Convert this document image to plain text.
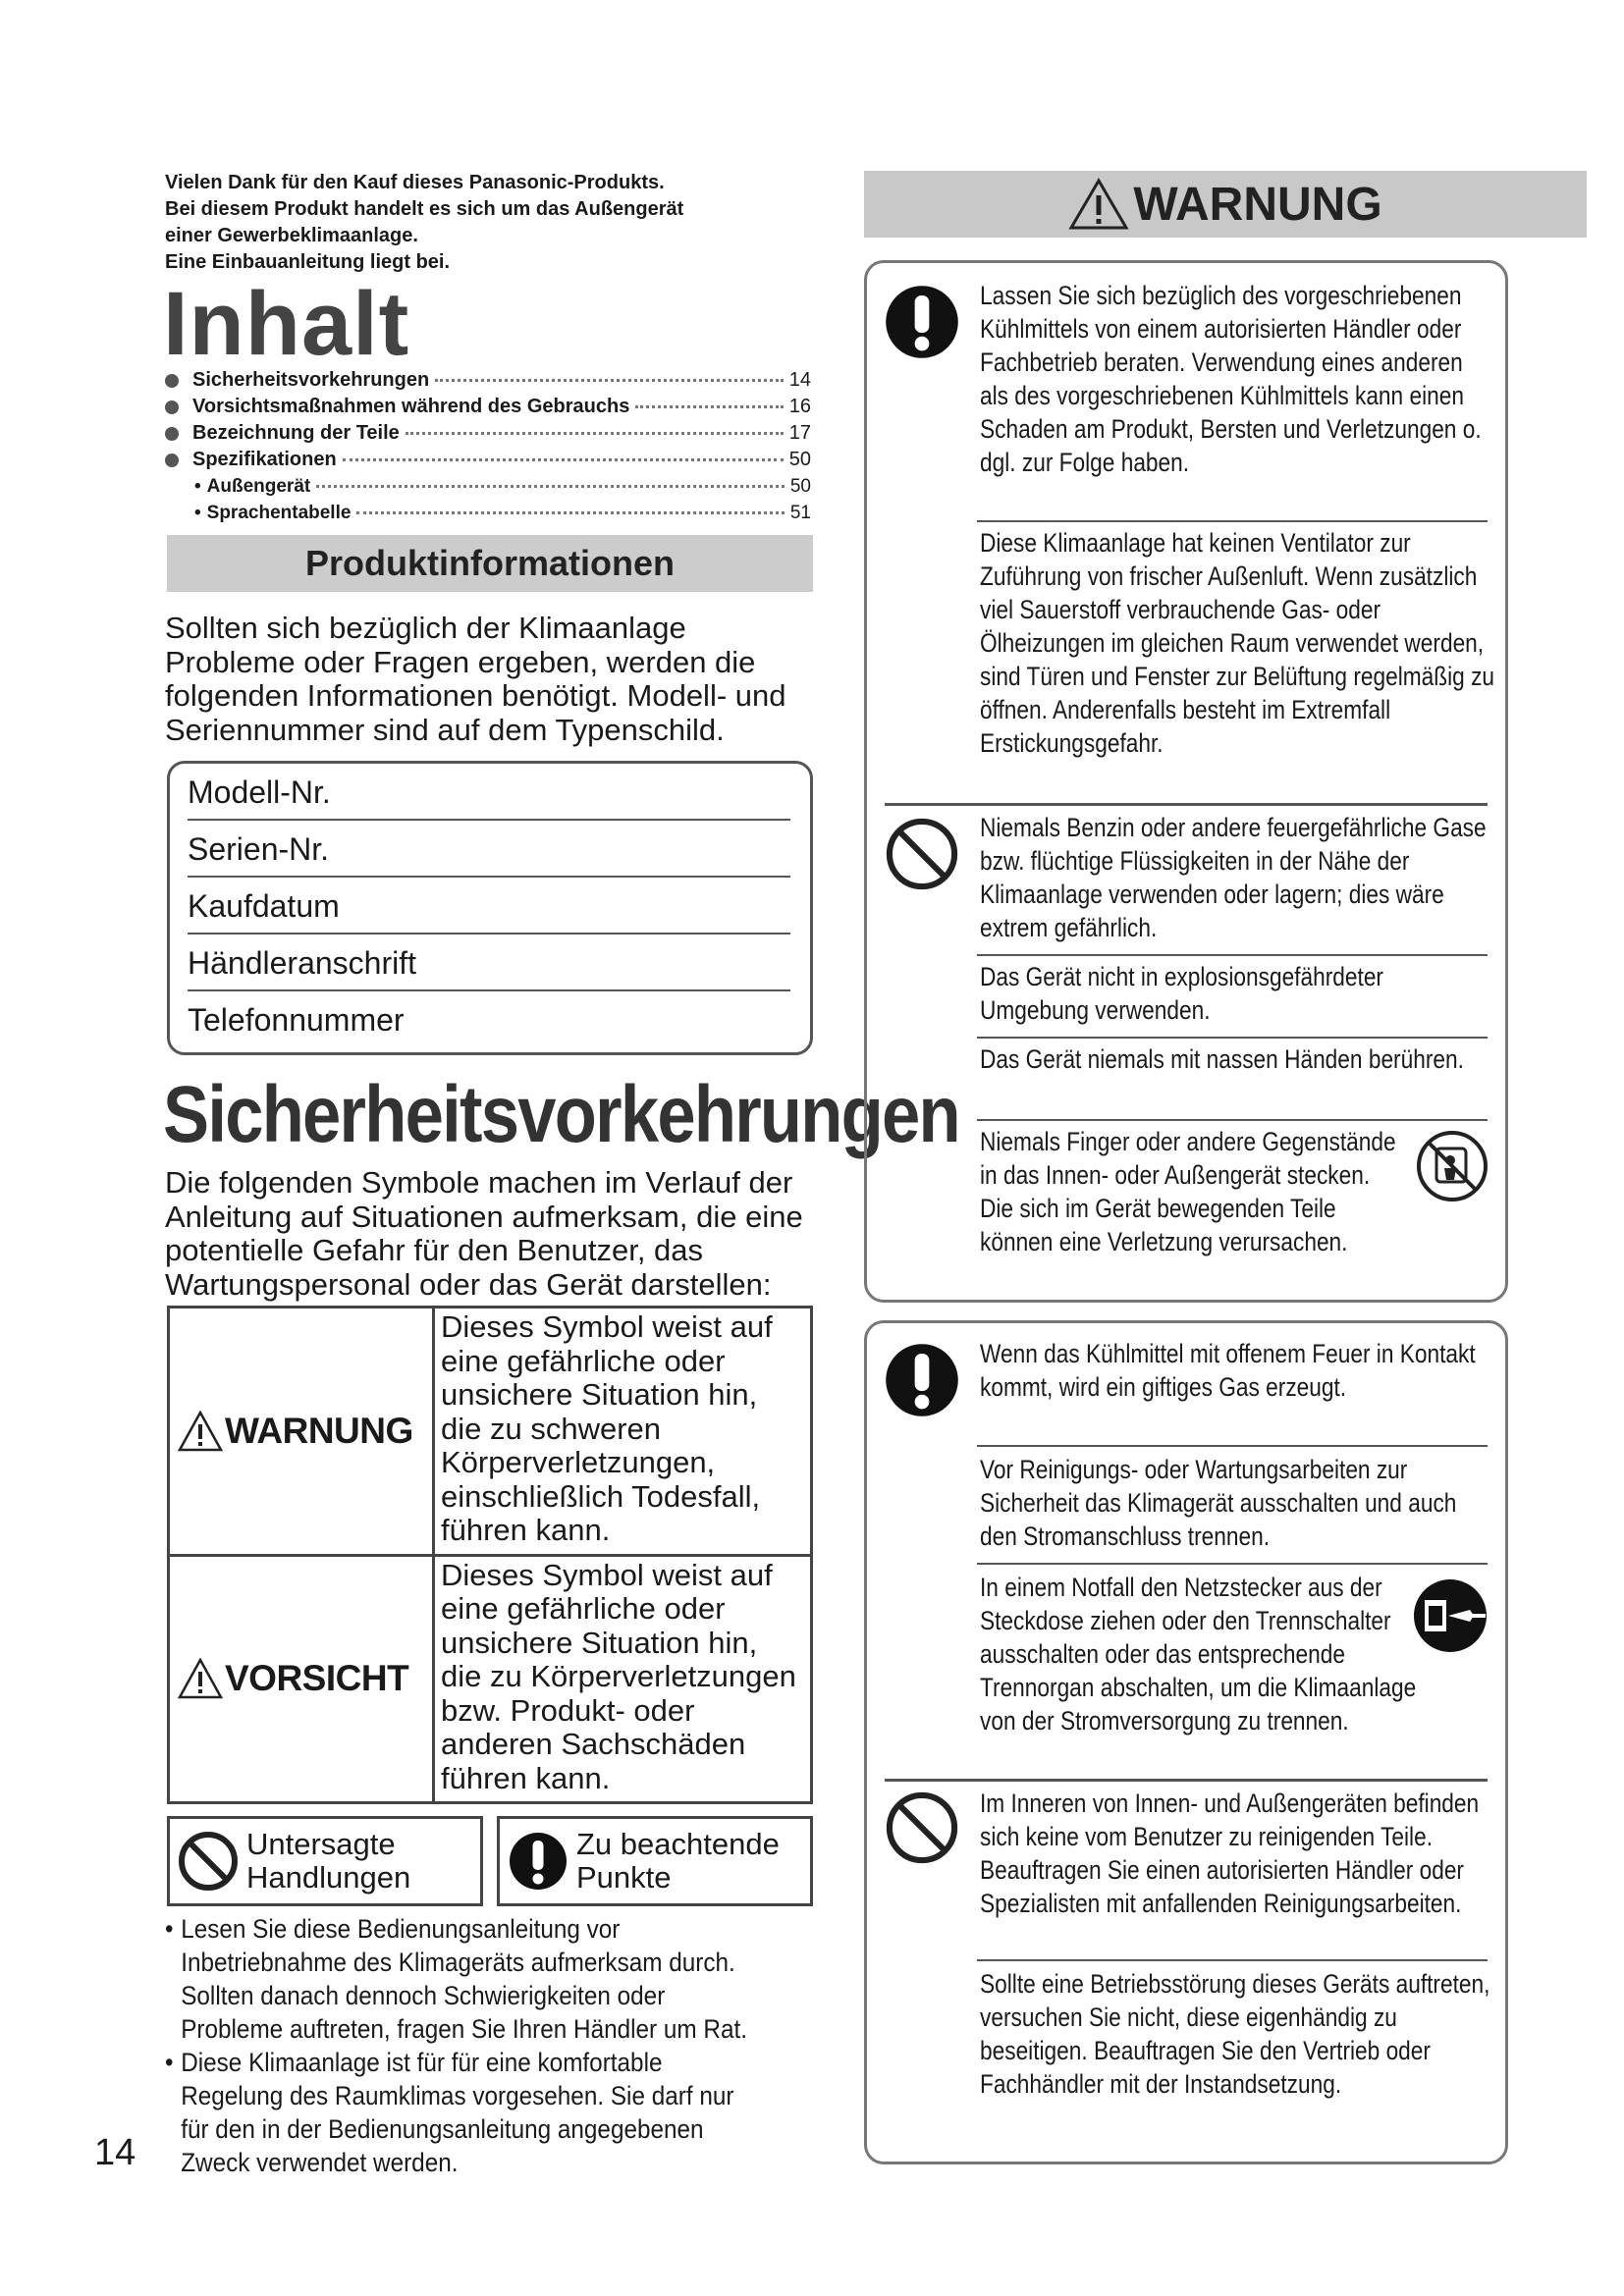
Vielen Dank für den Kauf dieses Panasonic-Produkts.
Bei diesem Produkt handelt es sich um das Außengerät
einer Gewerbeklimaanlage.
Eine Einbauanleitung liegt bei.
Inhalt
Sicherheitsvorkehrungen	14
Vorsichtsmaßnahmen während des Gebrauchs	16
Bezeichnung der Teile	17
Spezifikationen	50
• Außengerät	50
• Sprachentabelle	51
Produktinformationen
Sollten sich bezüglich der Klimaanlage Probleme oder Fragen ergeben, werden die folgenden Informationen benötigt. Modell- und Seriennummer sind auf dem Typenschild.
Modell-Nr.
Serien-Nr.
Kaufdatum
Händleranschrift
Telefonnummer
Sicherheitsvorkehrungen
Die folgenden Symbole machen im Verlauf der Anleitung auf Situationen aufmerksam, die eine potentielle Gefahr für den Benutzer, das Wartungspersonal oder das Gerät darstellen:
WARNUNG	Dieses Symbol weist auf eine gefährliche oder unsichere Situation hin, die zu schweren Körperverletzungen, einschließlich Todesfall, führen kann.

VORSICHT	Dieses Symbol weist auf eine gefährliche oder unsichere Situation hin, die zu Körperverletzungen bzw. Produkt- oder anderen Sachschäden führen kann.
Untersagte
Handlungen
Zu beachtende
Punkte
• Lesen Sie diese Bedienungsanleitung vor Inbetriebnahme des Klimageräts aufmerksam durch. Sollten danach dennoch Schwierigkeiten oder Probleme auftreten, fragen Sie Ihren Händler um Rat.
• Diese Klimaanlage ist für für eine komfortable Regelung des Raumklimas vorgesehen. Sie darf nur für den in der Bedienungsanleitung angegebenen Zweck verwendet werden.
14
WARNUNG
Lassen Sie sich bezüglich des vorgeschriebenen Kühlmittels von einem autorisierten Händler oder Fachbetrieb beraten. Verwendung eines anderen als des vorgeschriebenen Kühlmittels kann einen Schaden am Produkt, Bersten und Verletzungen o. dgl. zur Folge haben.
Diese Klimaanlage hat keinen Ventilator zur Zuführung von frischer Außenluft. Wenn zusätzlich viel Sauerstoff verbrauchende Gas- oder Ölheizungen im gleichen Raum verwendet werden, sind Türen und Fenster zur Belüftung regelmäßig zu öffnen. Anderenfalls besteht im Extremfall Erstickungsgefahr.
Niemals Benzin oder andere feuergefährliche Gase bzw. flüchtige Flüssigkeiten in der Nähe der Klimaanlage verwenden oder lagern; dies wäre extrem gefährlich.
Das Gerät nicht in explosionsgefährdeter Umgebung verwenden.
Das Gerät niemals mit nassen Händen berühren.
Niemals Finger oder andere Gegenstände in das Innen- oder Außengerät stecken. Die sich im Gerät bewegenden Teile können eine Verletzung verursachen.
Wenn das Kühlmittel mit offenem Feuer in Kontakt kommt, wird ein giftiges Gas erzeugt.
Vor Reinigungs- oder Wartungsarbeiten zur Sicherheit das Klimagerät ausschalten und auch den Stromanschluss trennen.
In einem Notfall den Netzstecker aus der Steckdose ziehen oder den Trennschalter ausschalten oder das entsprechende Trennorgan abschalten, um die Klimaanlage von der Stromversorgung zu trennen.
Im Inneren von Innen- und Außengeräten befinden sich keine vom Benutzer zu reinigenden Teile. Beauftragen Sie einen autorisierten Händler oder Spezialisten mit anfallenden Reinigungsarbeiten.
Sollte eine Betriebsstörung dieses Geräts auftreten, versuchen Sie nicht, diese eigenhändig zu beseitigen. Beauftragen Sie den Vertrieb oder Fachhändler mit der Instandsetzung.
